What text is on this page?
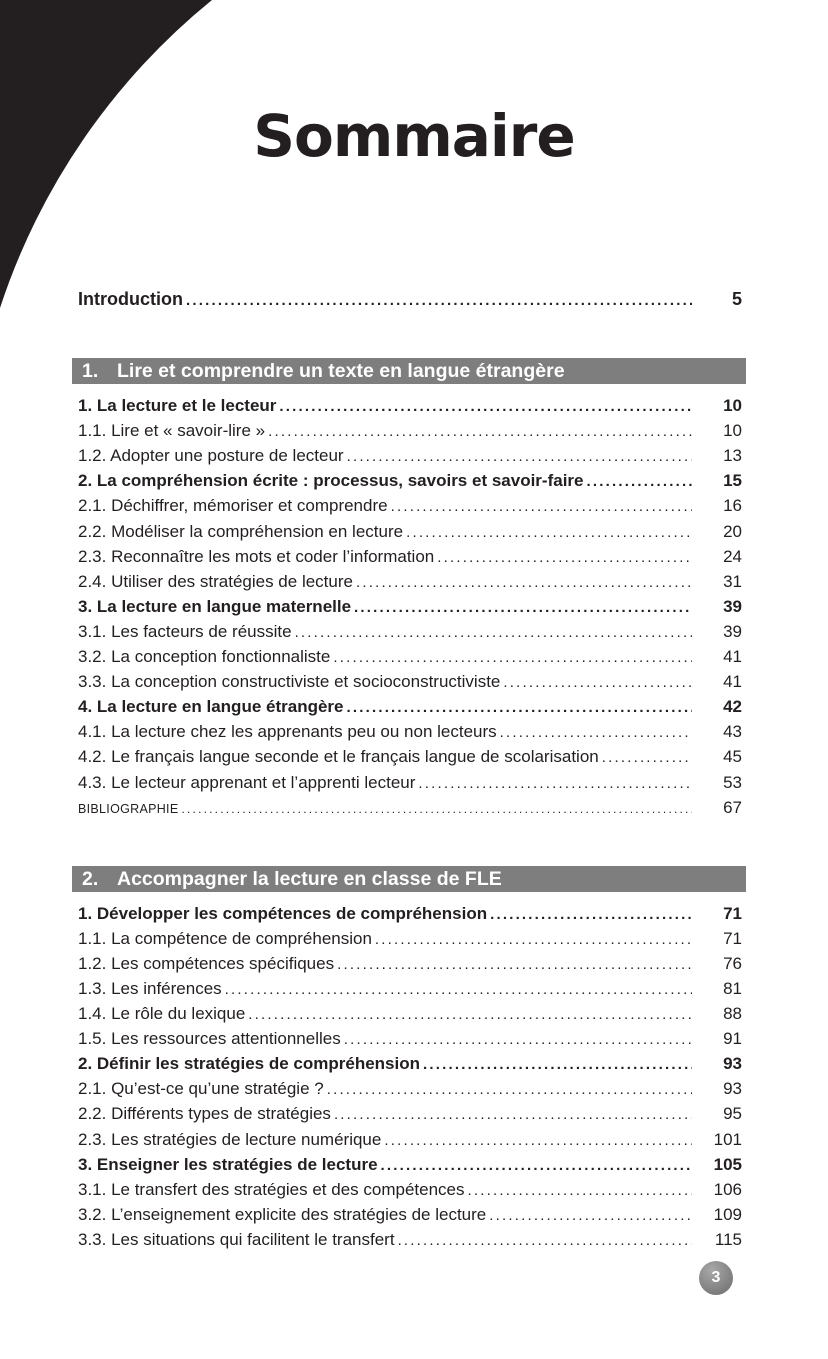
Sommaire
Introduction .....	5
1. Lire et comprendre un texte en langue étrangère
1. La lecture et le lecteur .....	10
1.1. Lire et « savoir-lire » .....	10
1.2. Adopter une posture de lecteur .....	13
2. La compréhension écrite : processus, savoirs et savoir-faire .....	15
2.1. Déchiffrer, mémoriser et comprendre .....	16
2.2. Modéliser la compréhension en lecture .....	20
2.3. Reconnaître les mots et coder l’information .....	24
2.4. Utiliser des stratégies de lecture .....	31
3. La lecture en langue maternelle .....	39
3.1. Les facteurs de réussite .....	39
3.2. La conception fonctionnaliste .....	41
3.3. La conception constructiviste et socioconstructiviste .....	41
4. La lecture en langue étrangère .....	42
4.1. La lecture chez les apprenants peu ou non lecteurs .....	43
4.2. Le français langue seconde et le français langue de scolarisation .....	45
4.3. Le lecteur apprenant et l’apprenti lecteur .....	53
BIBLIOGRAPHIE .....	67
2. Accompagner la lecture en classe de FLE
1. Développer les compétences de compréhension .....	71
1.1. La compétence de compréhension .....	71
1.2. Les compétences spécifiques .....	76
1.3. Les inférences .....	81
1.4. Le rôle du lexique .....	88
1.5. Les ressources attentionnelles .....	91
2. Définir les stratégies de compréhension .....	93
2.1. Qu’est-ce qu’une stratégie ? .....	93
2.2. Différents types de stratégies .....	95
2.3. Les stratégies de lecture numérique .....	101
3. Enseigner les stratégies de lecture .....	105
3.1. Le transfert des stratégies et des compétences .....	106
3.2. L’enseignement explicite des stratégies de lecture .....	109
3.3. Les situations qui facilitent le transfert .....	115
3
